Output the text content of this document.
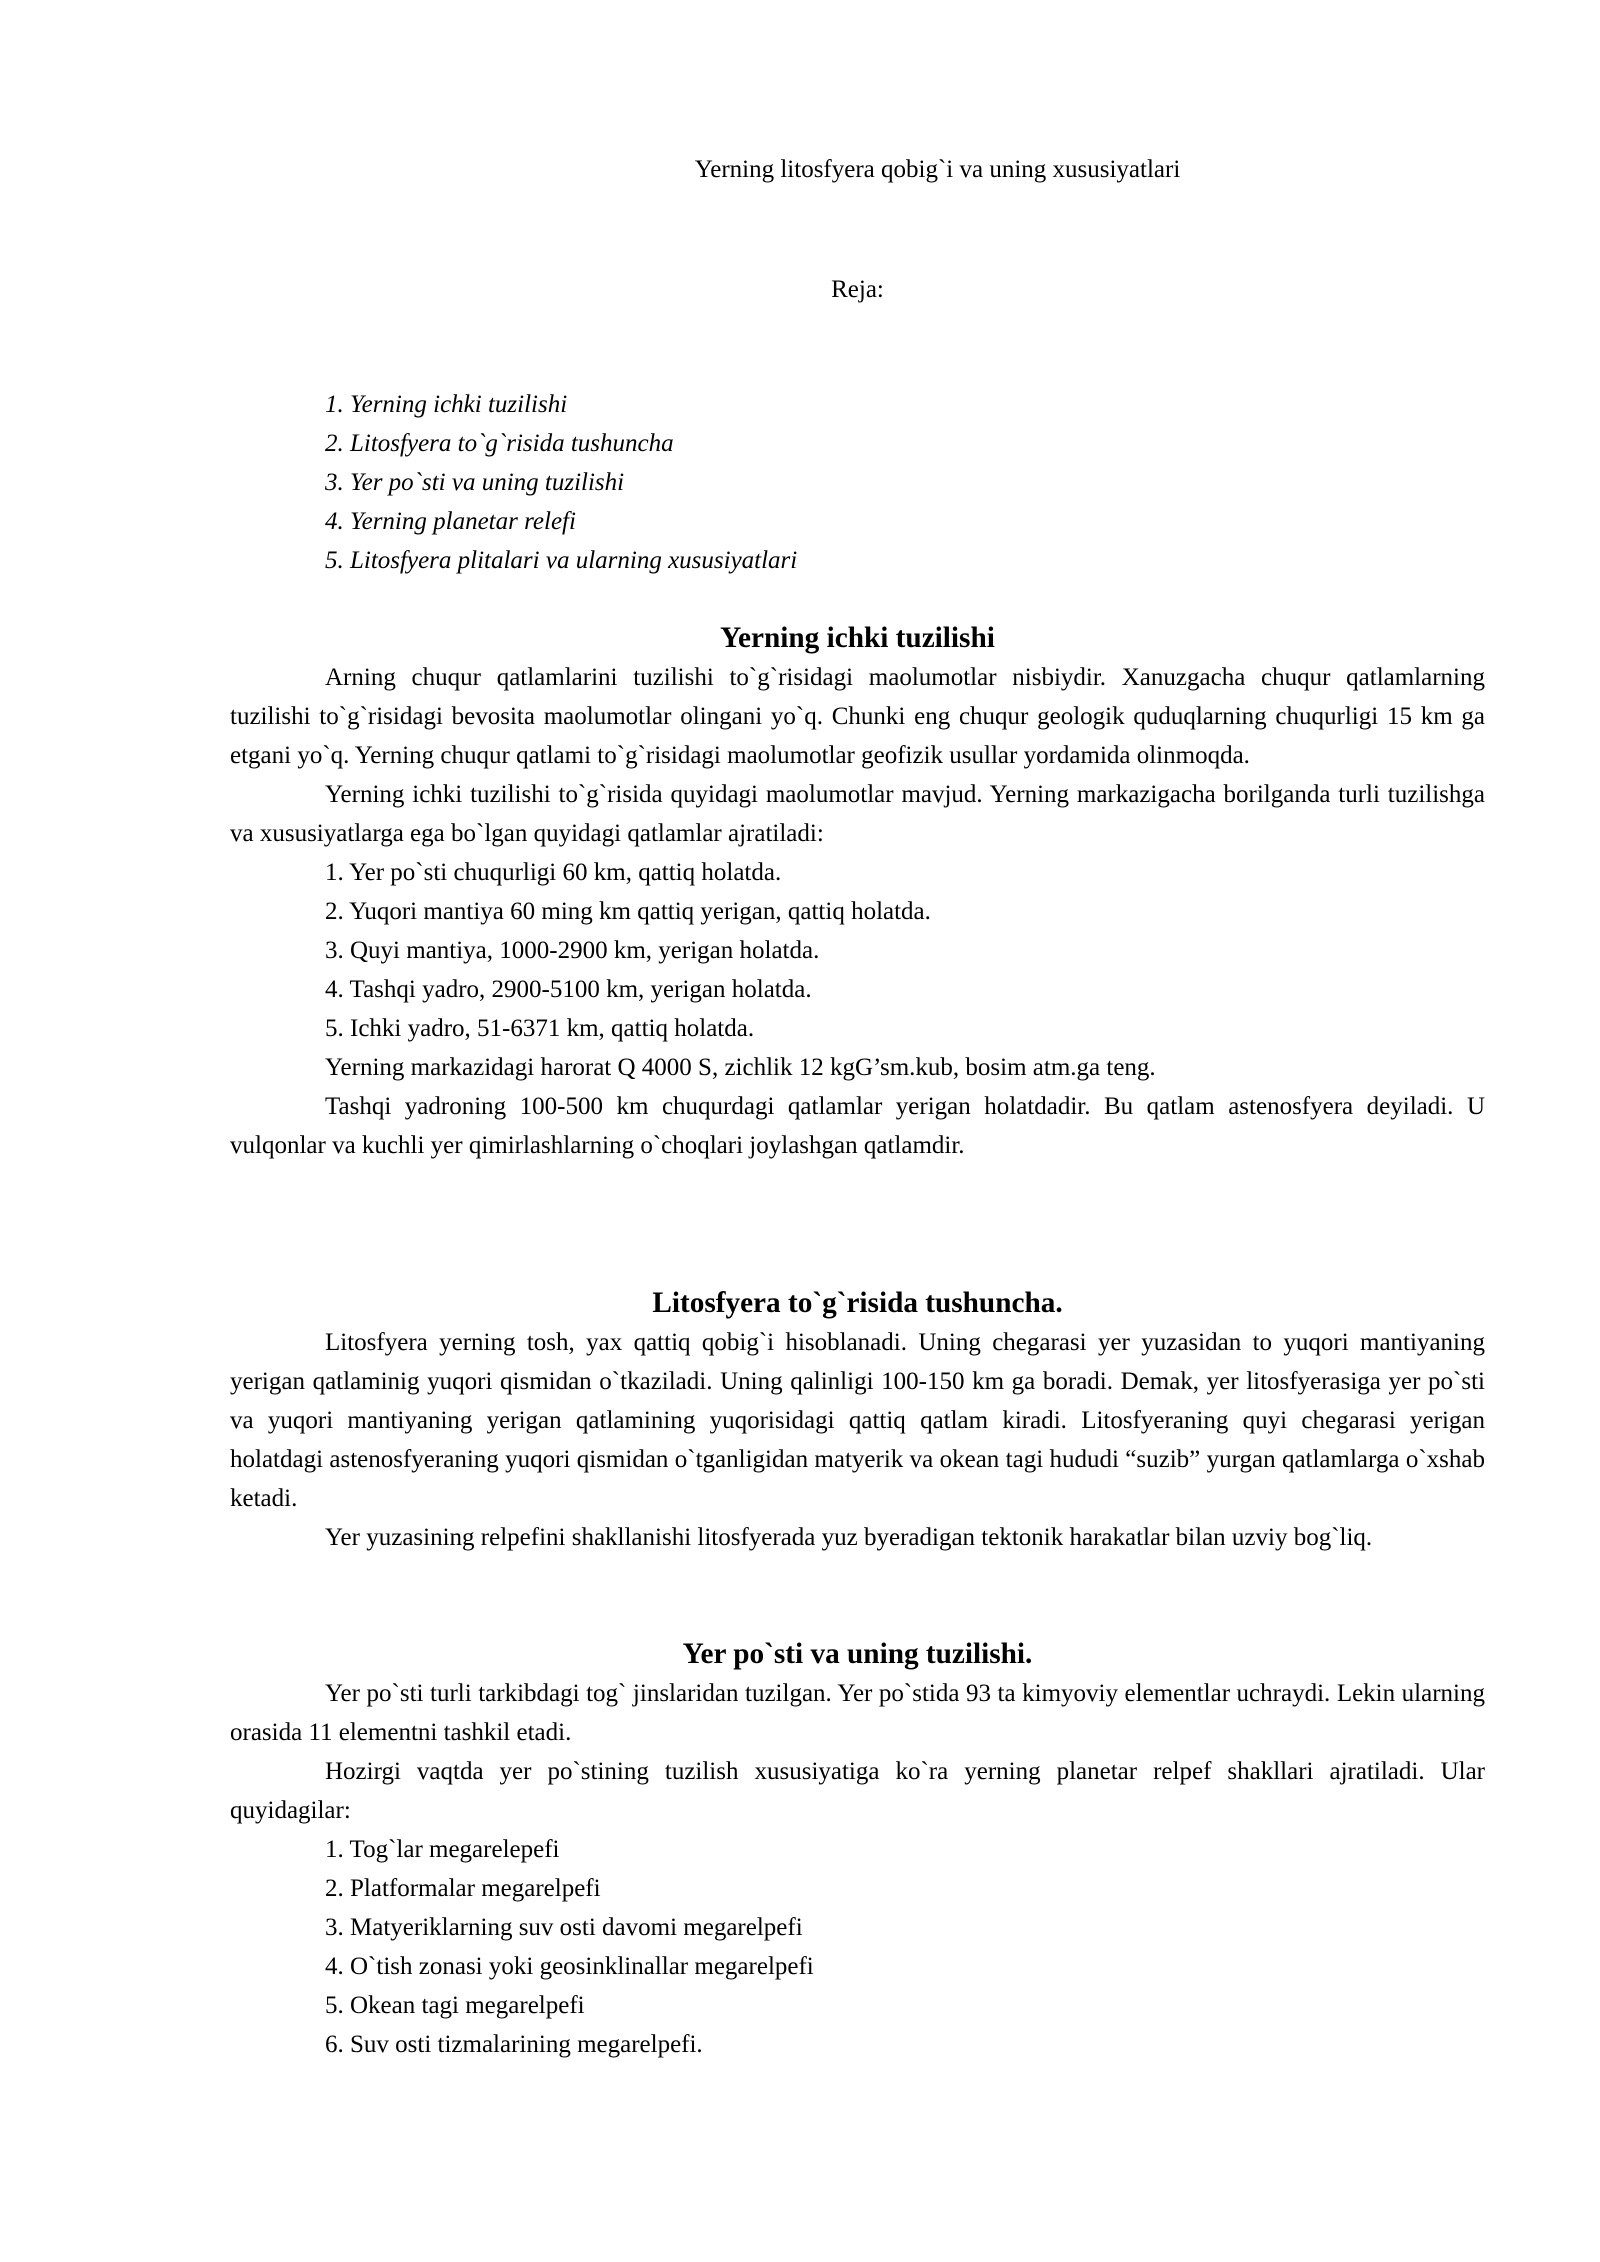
Yerning litosfyera qobig`i va uning xususiyatlari
Reja:
1. Yerning ichki tuzilishi
2. Litosfyera to`g`risida tushuncha
3. Yer po`sti va uning tuzilishi
4. Yerning planetar relefi
5. Litosfyera plitalari va ularning xususiyatlari
Yerning ichki tuzilishi

Arning chuqur qatlamlarini tuzilishi to`g`risidagi maolumotlar nisbiydir. Xanuzgacha chuqur qatlamlarning tuzilishi to`g`risidagi bevosita maolumotlar olingani yo`q. Chunki eng chuqur geologik quduqlarning chuqurligi 15 km ga etgani yo`q. Yerning chuqur qatlami to`g`risidagi maolumotlar geofizik usullar yordamida olinmoqda.

Yerning ichki tuzilishi to`g`risida quyidagi maolumotlar mavjud. Yerning markazigacha borilganda turli tuzilishga va xususiyatlarga ega bo`lgan quyidagi qatlamlar ajratiladi:

1. Yer po`sti chuqurligi 60 km, qattiq holatda.
2. Yuqori mantiya 60 ming km qattiq yerigan, qattiq holatda.
3. Quyi mantiya, 1000-2900 km, yerigan holatda.
4. Tashqi yadro, 2900-5100 km, yerigan holatda.
5. Ichki yadro, 51-6371 km, qattiq holatda.

Yerning markazidagi harorat Q 4000 S, zichlik 12 kgG’sm.kub, bosim atm.ga teng.

Tashqi yadroning 100-500 km chuqurdagi qatlamlar yerigan holatdadir. Bu qatlam astenosfyera deyiladi. U vulqonlar va kuchli yer qimirlashlarning o`choqlari joylashgan qatlamdir.

Litosfyera to`g`risida tushuncha.

Litosfyera yerning tosh, yax qattiq qobig`i hisoblanadi. Uning chegarasi yer yuzasidan to yuqori mantiyaning yerigan qatlaminig yuqori qismidan o`tkaziladi. Uning qalinligi 100-150 km ga boradi. Demak, yer litosfyerasiga yer po`sti va yuqori mantiyaning yerigan qatlamining yuqorisidagi qattiq qatlam kiradi. Litosfyeraning quyi chegarasi yerigan holatdagi astenosfyeraning yuqori qismidan o`tganligidan matyerik va okean tagi hududi “suzib” yurgan qatlamlarga o`xshab ketadi.

Yer yuzasining relpefini shakllanishi litosfyerada yuz byeradigan tektonik harakatlar bilan uzviy bog`liq.

Yer po`sti va uning tuzilishi.

Yer po`sti turli tarkibdagi tog` jinslaridan tuzilgan. Yer po`stida 93 ta kimyoviy elementlar uchraydi. Lekin ularning orasida 11 elementni tashkil etadi.

Hozirgi vaqtda yer po`stining tuzilish xususiyatiga ko`ra yerning planetar relpef shakllari ajratiladi. Ular quyidagilar:

1. Tog`lar megarelepefi
2. Platformalar megarelpefi
3. Matyeriklarning suv osti davomi megarelpefi
4. O`tish zonasi yoki geosinklinallar megarelpefi
5. Okean tagi megarelpefi
6. Suv osti tizmalarining megarelpefi.
